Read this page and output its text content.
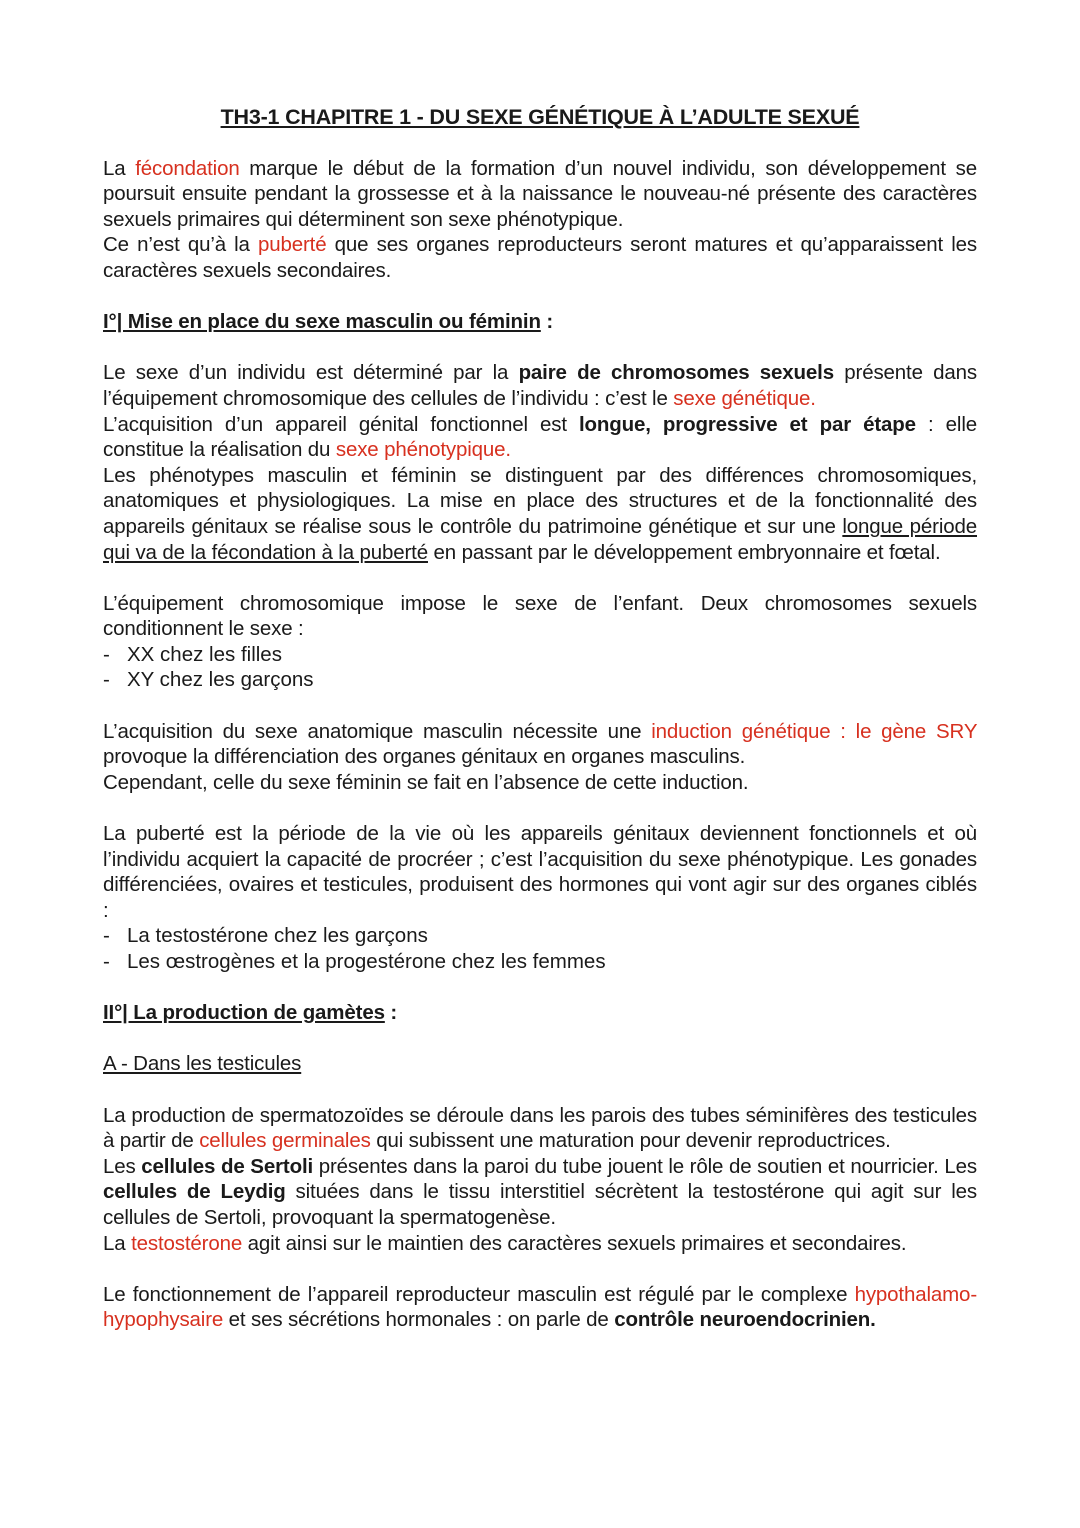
TH3-1 CHAPITRE 1 - DU SEXE GÉNÉTIQUE À L’ADULTE SEXUÉ

La fécondation marque le début de la formation d’un nouvel individu, son développement se poursuit ensuite pendant la grossesse et à la naissance le nouveau-né présente des caractères sexuels primaires qui déterminent son sexe phénotypique.

Ce n’est qu’à la puberté que ses organes reproducteurs seront matures et qu’apparaissent les caractères sexuels secondaires.

I°| Mise en place du sexe masculin ou féminin :

Le sexe d’un individu est déterminé par la paire de chromosomes sexuels présente dans l’équipement chromosomique des cellules de l’individu : c’est le sexe génétique.

L’acquisition d’un appareil génital fonctionnel est longue, progressive et par étape : elle constitue la réalisation du sexe phénotypique.

Les phénotypes masculin et féminin se distinguent par des différences chromosomiques, anatomiques et physiologiques. La mise en place des structures et de la fonctionnalité des appareils génitaux se réalise sous le contrôle du patrimoine génétique et sur une longue période qui va de la fécondation à la puberté en passant par le développement embryonnaire et fœtal.

L’équipement chromosomique impose le sexe de l’enfant. Deux chromosomes sexuels conditionnent le sexe :

- XX chez les filles
- XY chez les garçons

L’acquisition du sexe anatomique masculin nécessite une induction génétique : le gène SRY provoque la différenciation des organes génitaux en organes masculins.

Cependant, celle du sexe féminin se fait en l’absence de cette induction.

La puberté est la période de la vie où les appareils génitaux deviennent fonctionnels et où l’individu acquiert la capacité de procréer ; c’est l’acquisition du sexe phénotypique. Les gonades différenciées, ovaires et testicules, produisent des hormones qui vont agir sur des organes ciblés :

- La testostérone chez les garçons
- Les œstrogènes et la progestérone chez les femmes

II°| La production de gamètes :

A - Dans les testicules

La production de spermatozoïdes se déroule dans les parois des tubes séminifères des testicules à partir de cellules germinales qui subissent une maturation pour devenir reproductrices.

Les cellules de Sertoli présentes dans la paroi du tube jouent le rôle de soutien et nourricier. Les cellules de Leydig situées dans le tissu interstitiel sécrètent la testostérone qui agit sur les cellules de Sertoli, provoquant la spermatogenèse.

La testostérone agit ainsi sur le maintien des caractères sexuels primaires et secondaires.

Le fonctionnement de l’appareil reproducteur masculin est régulé par le complexe hypothalamo-hypophysaire et ses sécrétions hormonales : on parle de contrôle neuroendocrinien.
